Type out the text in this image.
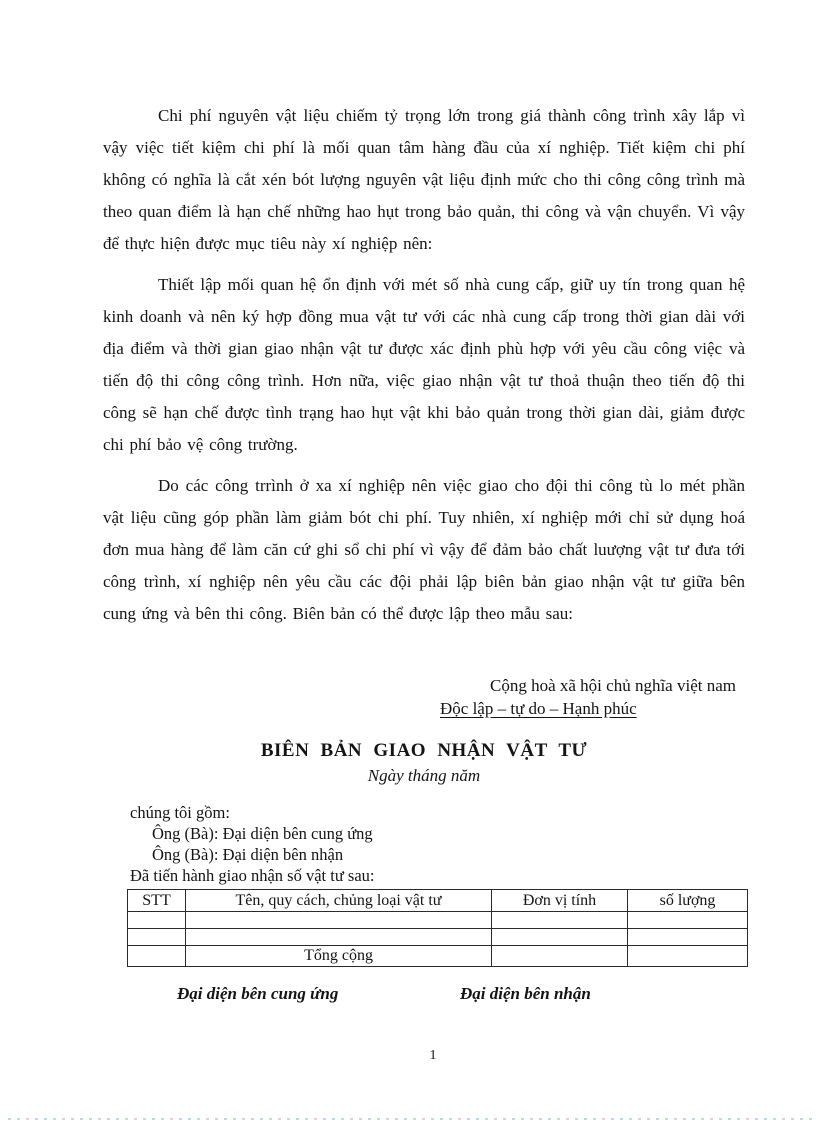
Chi phí nguyên vật liệu chiếm tỷ trọng lớn trong giá thành công trình xây lắp vì vậy việc tiết kiệm chi phí là mối quan tâm hàng đầu của xí nghiệp. Tiết kiệm chi phí không có nghĩa là cắt xén bót lượng nguyên vật liệu định mức cho thi công công trình mà theo quan điểm là hạn chế những hao hụt trong bảo quản, thi công và vận chuyển. Vì vậy để thực hiện được mục tiêu này xí nghiệp nên:

Thiết lập mối quan hệ ổn định với mét số nhà cung cấp, giữ uy tín trong quan hệ kinh doanh và nên ký hợp đồng mua vật tư với các nhà cung cấp trong thời gian dài với địa điểm và thời gian giao nhận vật tư được xác định phù hợp với yêu cầu công việc và tiến độ thi công công trình. Hơn nữa, việc giao nhận vật tư thoả thuận theo tiến độ thi công sẽ hạn chế được tình trạng hao hụt vật khi bảo quản trong thời gian dài, giảm được chi phí bảo vệ công trường.

Do các công trrình ở xa xí nghiệp nên việc giao cho đội thi công tù lo mét phần vật liệu cũng góp phần làm giảm bót chi phí. Tuy nhiên, xí nghiệp mới chỉ sử dụng hoá đơn mua hàng để làm căn cứ ghi sổ chi phí vì vậy để đảm bảo chất luượng vật tư đưa tới công trình, xí nghiệp nên yêu cầu các đội phải lập biên bản giao nhận vật tư giữa bên cung ứng và bên thi công. Biên bản có thể được lập theo mẫu sau:

Cộng hoà xã hội chủ nghĩa việt nam
Độc lập – tự do – Hạnh phúc
BIÊN BẢN GIAO NHẬN VẬT TƯ
Ngày tháng năm
chúng tôi gồm:
Ông (Bà): Đại diện bên cung ứng
Ông (Bà): Đại diện bên nhận
Đã tiến hành giao nhận số vật tư sau:
STT	Tên, quy cách, chủng loại vật tư	Đơn vị tính	số lượng

	Tổng cộng		
Đại diện bên cung ứng	Đại diện bên nhận
1
